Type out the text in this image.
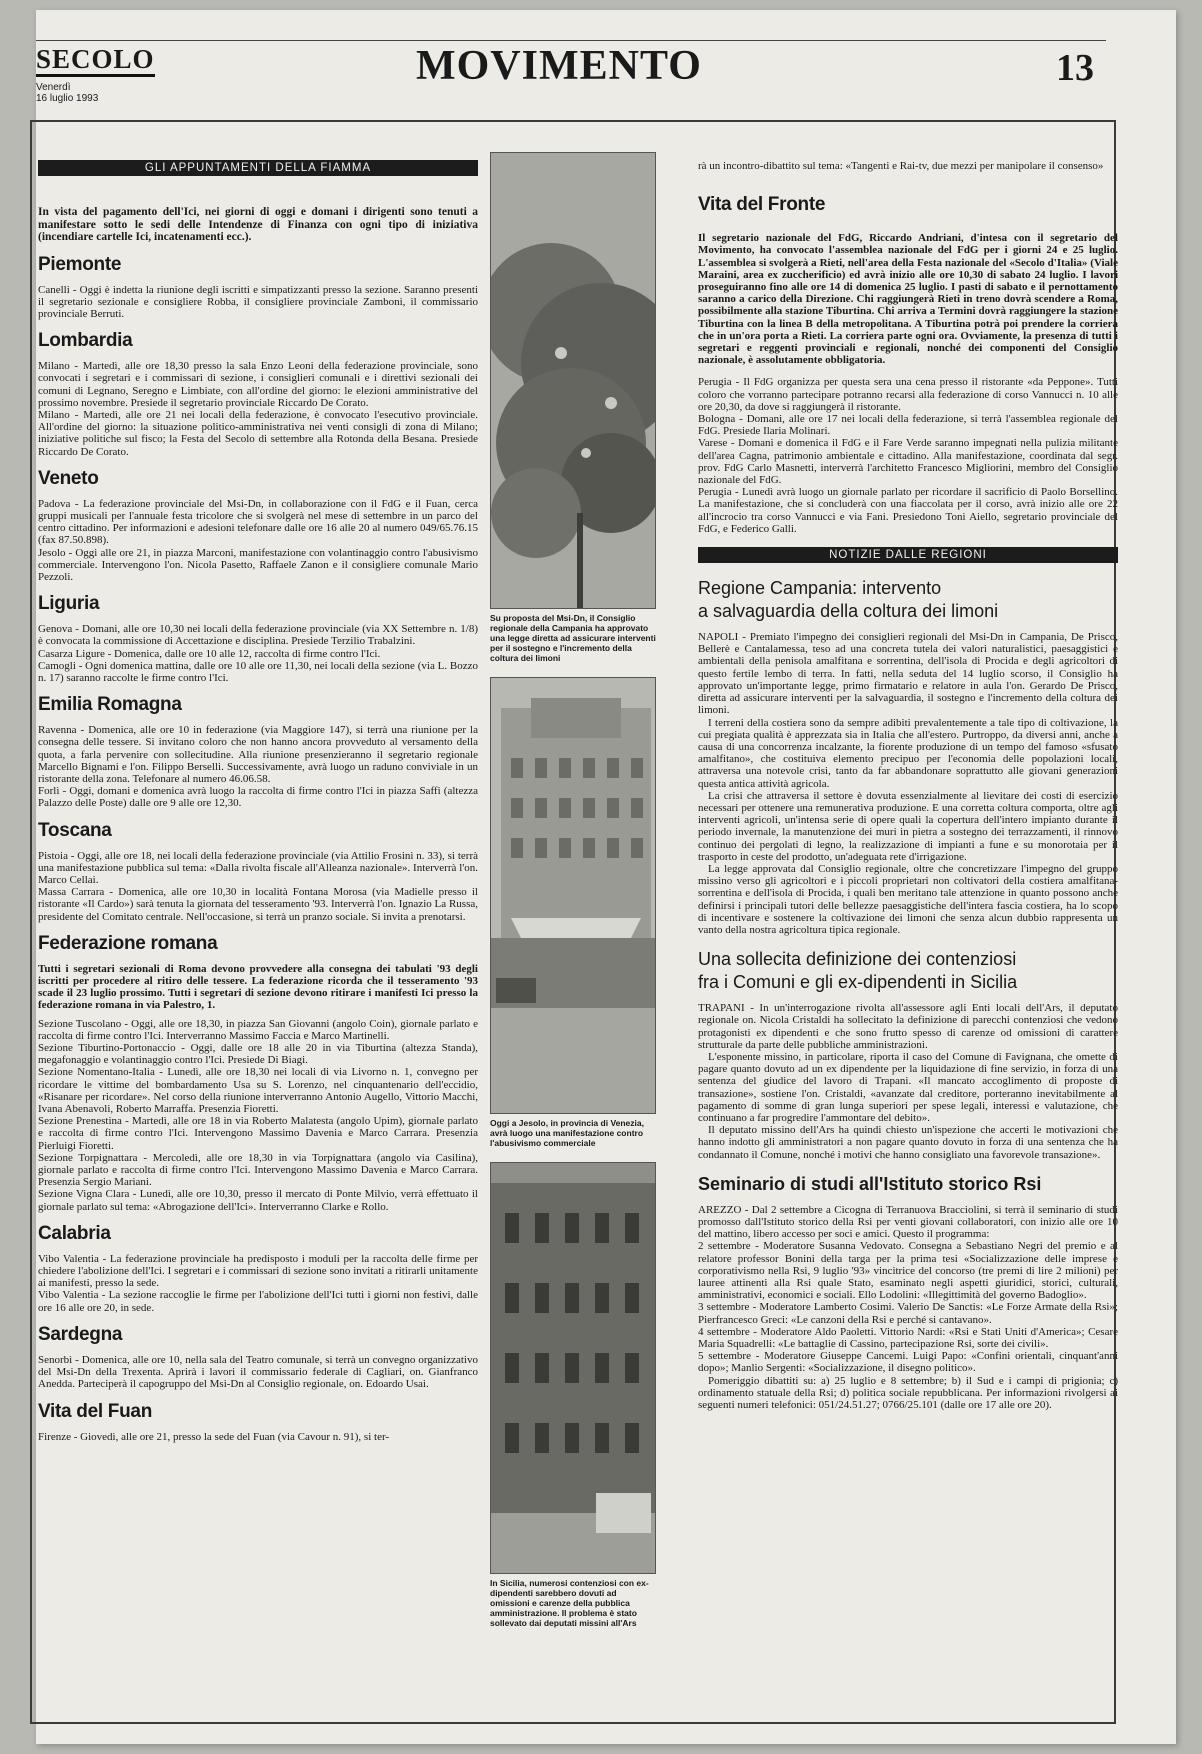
SECOLO
Venerdì
16 luglio 1993
MOVIMENTO	13
GLI APPUNTAMENTI DELLA FIAMMA

In vista del pagamento dell'Ici, nei giorni di oggi e domani i dirigenti sono tenuti a manifestare sotto le sedi delle Intendenze di Finanza con ogni tipo di iniziativa (incendiare cartelle Ici, incatenamenti ecc.).

Piemonte

Canelli - Oggi è indetta la riunione degli iscritti e simpatizzanti presso la sezione. Saranno presenti il segretario sezionale e consigliere Robba, il consigliere provinciale Zamboni, il commissario provinciale Berruti.

Lombardia

Milano - Martedì, alle ore 18,30 presso la sala Enzo Leoni della federazione provinciale, sono convocati i segretari e i commissari di sezione, i consiglieri comunali e i direttivi sezionali dei comuni di Legnano, Seregno e Limbiate, con all'ordine del giorno: le elezioni amministrative del prossimo novembre. Presiede il segretario provinciale Riccardo De Corato.

Milano - Martedì, alle ore 21 nei locali della federazione, è convocato l'esecutivo provinciale. All'ordine del giorno: la situazione politico-amministrativa nei venti consigli di zona di Milano; iniziative politiche sul fisco; la Festa del Secolo di settembre alla Rotonda della Besana. Presiede Riccardo De Corato.

Veneto

Padova - La federazione provinciale del Msi-Dn, in collaborazione con il FdG e il Fuan, cerca gruppi musicali per l'annuale festa tricolore che si svolgerà nel mese di settembre in un parco del centro cittadino. Per informazioni e adesioni telefonare dalle ore 16 alle 20 al numero 049/65.76.15 (fax 87.50.898).

Jesolo - Oggi alle ore 21, in piazza Marconi, manifestazione con volantinaggio contro l'abusivismo commerciale. Intervengono l'on. Nicola Pasetto, Raffaele Zanon e il consigliere comunale Mario Pezzoli.

Liguria

Genova - Domani, alle ore 10,30 nei locali della federazione provinciale (via XX Settembre n. 1/8) è convocata la commissione di Accettazione e disciplina. Presiede Terzilio Trabalzini.

Casarza Ligure - Domenica, dalle ore 10 alle 12, raccolta di firme contro l'Ici.

Camogli - Ogni domenica mattina, dalle ore 10 alle ore 11,30, nei locali della sezione (via L. Bozzo n. 17) saranno raccolte le firme contro l'Ici.

Emilia Romagna

Ravenna - Domenica, alle ore 10 in federazione (via Maggiore 147), si terrà una riunione per la consegna delle tessere. Si invitano coloro che non hanno ancora provveduto al versamento della quota, a farla pervenire con sollecitudine. Alla riunione presenzieranno il segretario regionale Marcello Bignami e l'on. Filippo Berselli. Successivamente, avrà luogo un raduno conviviale in un ristorante della zona. Telefonare al numero 46.06.58.

Forlì - Oggi, domani e domenica avrà luogo la raccolta di firme contro l'Ici in piazza Saffi (altezza Palazzo delle Poste) dalle ore 9 alle ore 12,30.

Toscana

Pistoia - Oggi, alle ore 18, nei locali della federazione provinciale (via Attilio Frosini n. 33), si terrà una manifestazione pubblica sul tema: «Dalla rivolta fiscale all'Alleanza nazionale». Interverrà l'on. Marco Cellai.

Massa Carrara - Domenica, alle ore 10,30 in località Fontana Morosa (via Madielle presso il ristorante «Il Cardo») sarà tenuta la giornata del tesseramento '93. Interverrà l'on. Ignazio La Russa, presidente del Comitato centrale. Nell'occasione, si terrà un pranzo sociale. Si invita a prenotarsi.

Federazione romana

Tutti i segretari sezionali di Roma devono provvedere alla consegna dei tabulati '93 degli iscritti per procedere al ritiro delle tessere. La federazione ricorda che il tesseramento '93 scade il 23 luglio prossimo. Tutti i segretari di sezione devono ritirare i manifesti Ici presso la federazione romana in via Palestro, 1.

Sezione Tuscolano - Oggi, alle ore 18,30, in piazza San Giovanni (angolo Coin), giornale parlato e raccolta di firme contro l'Ici. Interverranno Massimo Faccia e Marco Martinelli.

Sezione Tiburtino-Portonaccio - Oggi, dalle ore 18 alle 20 in via Tiburtina (altezza Standa), megafonaggio e volantinaggio contro l'Ici. Presiede Di Biagi.

Sezione Nomentano-Italia - Lunedì, alle ore 18,30 nei locali di via Livorno n. 1, convegno per ricordare le vittime del bombardamento Usa su S. Lorenzo, nel cinquantenario dell'eccidio, «Risanare per ricordare». Nel corso della riunione interverranno Antonio Augello, Vittorio Macchi, Ivana Abenavoli, Roberto Marraffa. Presenzia Fioretti.

Sezione Prenestina - Martedì, alle ore 18 in via Roberto Malatesta (angolo Upim), giornale parlato e raccolta di firme contro l'Ici. Intervengono Massimo Davenia e Marco Carrara. Presenzia Pierluigi Fioretti.

Sezione Torpignattara - Mercoledì, alle ore 18,30 in via Torpignattara (angolo via Casilina), giornale parlato e raccolta di firme contro l'Ici. Intervengono Massimo Davenia e Marco Carrara. Presenzia Sergio Mariani.

Sezione Vigna Clara - Lunedì, alle ore 10,30, presso il mercato di Ponte Milvio, verrà effettuato il giornale parlato sul tema: «Abrogazione dell'Ici». Interverranno Clarke e Rollo.

Calabria

Vibo Valentia - La federazione provinciale ha predisposto i moduli per la raccolta delle firme per chiedere l'abolizione dell'Ici. I segretari e i commissari di sezione sono invitati a ritirarli unitamente ai manifesti, presso la sede.

Vibo Valentia - La sezione raccoglie le firme per l'abolizione dell'Ici tutti i giorni non festivi, dalle ore 16 alle ore 20, in sede.

Sardegna

Senorbì - Domenica, alle ore 10, nella sala del Teatro comunale, si terrà un convegno organizzativo del Msi-Dn della Trexenta. Aprirà i lavori il commissario federale di Cagliari, on. Gianfranco Anedda. Parteciperà il capogruppo del Msi-Dn al Consiglio regionale, on. Edoardo Usai.

Vita del Fuan

Firenze - Giovedì, alle ore 21, presso la sede del Fuan (via Cavour n. 91), si ter-

Su proposta del Msi-Dn, il Consiglio regionale della Campania ha approvato una legge diretta ad assicurare interventi per il sostegno e l'incremento della coltura dei limoni

Oggi a Jesolo, in provincia di Venezia, avrà luogo una manifestazione contro l'abusivismo commerciale

In Sicilia, numerosi contenziosi con ex-dipendenti sarebbero dovuti ad omissioni e carenze della pubblica amministrazione. Il problema è stato sollevato dai deputati missini all'Ars

rà un incontro-dibattito sul tema: «Tangenti e Rai-tv, due mezzi per manipolare il consenso»

Vita del Fronte

Il segretario nazionale del FdG, Riccardo Andriani, d'intesa con il segretario del Movimento, ha convocato l'assemblea nazionale del FdG per i giorni 24 e 25 luglio. L'assemblea si svolgerà a Rieti, nell'area della Festa nazionale del «Secolo d'Italia» (Viale Maraini, area ex zuccherificio) ed avrà inizio alle ore 10,30 di sabato 24 luglio. I lavori proseguiranno fino alle ore 14 di domenica 25 luglio. I pasti di sabato e il pernottamento saranno a carico della Direzione. Chi raggiungerà Rieti in treno dovrà scendere a Roma, possibilmente alla stazione Tiburtina. Chi arriva a Termini dovrà raggiungere la stazione Tiburtina con la linea B della metropolitana. A Tiburtina potrà poi prendere la corriera che in un'ora porta a Rieti. La corriera parte ogni ora. Ovviamente, la presenza di tutti i segretari e reggenti provinciali e regionali, nonché dei componenti del Consiglio nazionale, è assolutamente obbligatoria.

Perugia - Il FdG organizza per questa sera una cena presso il ristorante «da Peppone». Tutti coloro che vorranno partecipare potranno recarsi alla federazione di corso Vannucci n. 10 alle ore 20,30, da dove si raggiungerà il ristorante.

Bologna - Domani, alle ore 17 nei locali della federazione, si terrà l'assemblea regionale del FdG. Presiede Ilaria Molinari.

Varese - Domani e domenica il FdG e il Fare Verde saranno impegnati nella pulizia militante dell'area Cagna, patrimonio ambientale e cittadino. Alla manifestazione, coordinata dal segr. prov. FdG Carlo Masnetti, interverrà l'architetto Francesco Migliorini, membro del Consiglio nazionale del FdG.

Perugia - Lunedì avrà luogo un giornale parlato per ricordare il sacrificio di Paolo Borsellino. La manifestazione, che si concluderà con una fiaccolata per il corso, avrà inizio alle ore 22 all'incrocio tra corso Vannucci e via Fani. Presiedono Toni Aiello, segretario provinciale del FdG, e Federico Galli.

NOTIZIE DALLE REGIONI
Regione Campania: intervento
a salvaguardia della coltura dei limoni

NAPOLI - Premiato l'impegno dei consiglieri regionali del Msi-Dn in Campania, De Prisco, Bellerè e Cantalamessa, teso ad una concreta tutela dei valori naturalistici, paesaggistici e ambientali della penisola amalfitana e sorrentina, dell'isola di Procida e degli agricoltori di questo fertile lembo di terra. In fatti, nella seduta del 14 luglio scorso, il Consiglio ha approvato un'importante legge, primo firmatario e relatore in aula l'on. Gerardo De Prisco, diretta ad assicurare interventi per la salvaguardia, il sostegno e l'incremento della coltura dei limoni.

I terreni della costiera sono da sempre adibiti prevalentemente a tale tipo di coltivazione, la cui pregiata qualità è apprezzata sia in Italia che all'estero. Purtroppo, da diversi anni, anche a causa di una concorrenza incalzante, la fiorente produzione di un tempo del famoso «sfusato amalfitano», che costituiva elemento precipuo per l'economia delle popolazioni locali, attraversa una notevole crisi, tanto da far abbandonare soprattutto alle giovani generazioni questa antica attività agricola.

La crisi che attraversa il settore è dovuta essenzialmente al lievitare dei costi di esercizio necessari per ottenere una remunerativa produzione. E una corretta coltura comporta, oltre agli interventi agricoli, un'intensa serie di opere quali la copertura dell'intero impianto durante il periodo invernale, la manutenzione dei muri in pietra a sostegno dei terrazzamenti, il rinnovo continuo dei pergolati di legno, la realizzazione di impianti a fune e su monorotaia per il trasporto in ceste del prodotto, un'adeguata rete d'irrigazione.

La legge approvata dal Consiglio regionale, oltre che concretizzare l'impegno del gruppo missino verso gli agricoltori e i piccoli proprietari non coltivatori della costiera amalfitana-sorrentina e dell'isola di Procida, i quali ben meritano tale attenzione in quanto possono anche definirsi i principali tutori delle bellezze paesaggistiche dell'intera fascia costiera, ha lo scopo di incentivare e sostenere la coltivazione dei limoni che senza alcun dubbio rappresenta un vanto della nostra agricoltura tipica regionale.

Una sollecita definizione dei contenziosi
fra i Comuni e gli ex-dipendenti in Sicilia

TRAPANI - In un'interrogazione rivolta all'assessore agli Enti locali dell'Ars, il deputato regionale on. Nicola Cristaldi ha sollecitato la definizione di parecchi contenziosi che vedono protagonisti ex dipendenti e che sono frutto spesso di carenze od omissioni di carattere strutturale da parte delle pubbliche amministrazioni.

L'esponente missino, in particolare, riporta il caso del Comune di Favignana, che omette di pagare quanto dovuto ad un ex dipendente per la liquidazione di fine servizio, in forza di una sentenza del giudice del lavoro di Trapani. «Il mancato accoglimento di proposte di transazione», sostiene l'on. Cristaldi, «avanzate dal creditore, porteranno inevitabilmente al pagamento di somme di gran lunga superiori per spese legali, interessi e valutazione, che continuano a far progredire l'ammontare del debito».

Il deputato missino dell'Ars ha quindi chiesto un'ispezione che accerti le motivazioni che hanno indotto gli amministratori a non pagare quanto dovuto in forza di una sentenza che ha condannato il Comune, nonché i motivi che hanno consigliato una favorevole transazione».

Seminario di studi all'Istituto storico Rsi

AREZZO - Dal 2 settembre a Cicogna di Terranuova Bracciolini, si terrà il seminario di studi promosso dall'Istituto storico della Rsi per venti giovani collaboratori, con inizio alle ore 10 del mattino, libero accesso per soci e amici. Questo il programma:

2 settembre - Moderatore Susanna Vedovato. Consegna a Sebastiano Negri del premio e al relatore professor Bonini della targa per la prima tesi «Socializzazione delle imprese e corporativismo nella Rsi, 9 luglio '93» vincitrice del concorso (tre premi di lire 2 milioni) per lauree attinenti alla Rsi quale Stato, esaminato negli aspetti giuridici, storici, culturali, amministrativi, economici e sociali. Ello Lodolini: «Illegittimità del governo Badoglio».

3 settembre - Moderatore Lamberto Cosimi. Valerio De Sanctis: «Le Forze Armate della Rsi»; Pierfrancesco Greci: «Le canzoni della Rsi e perché si cantavano».

4 settembre - Moderatore Aldo Paoletti. Vittorio Nardi: «Rsi e Stati Uniti d'America»; Cesare Maria Squadrelli: «Le battaglie di Cassino, partecipazione Rsi, sorte dei civili».

5 settembre - Moderatore Giuseppe Cancemi. Luigi Papo: «Confini orientali, cinquant'anni dopo»; Manlio Sergenti: «Socializzazione, il disegno politico».

Pomeriggio dibattiti su: a) 25 luglio e 8 settembre; b) il Sud e i campi di prigionia; c) ordinamento statuale della Rsi; d) politica sociale repubblicana. Per informazioni rivolgersi ai seguenti numeri telefonici: 051/24.51.27; 0766/25.101 (dalle ore 17 alle ore 20).
